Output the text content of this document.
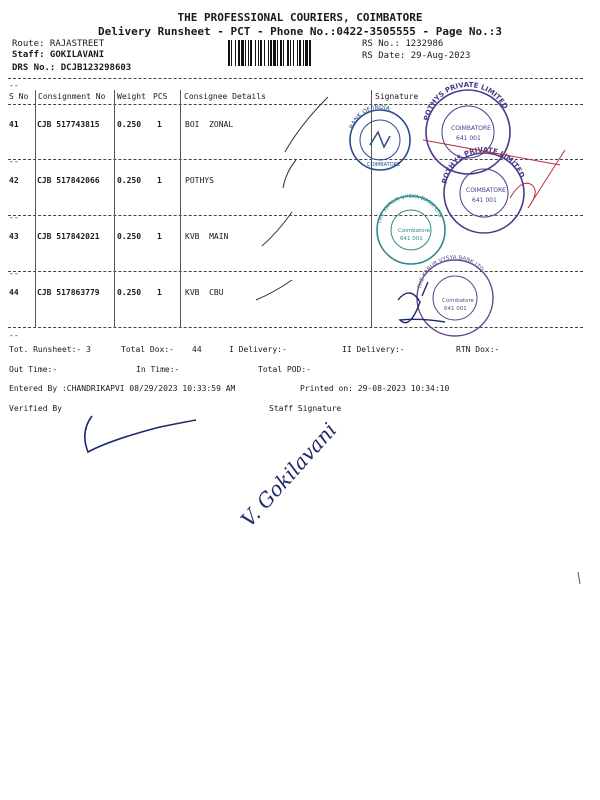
THE PROFESSIONAL COURIERS, COIMBATORE
Delivery Runsheet - PCT - Phone No.:0422-3505555 - Page No.:3
Route: RAJASTREET
Staff: GOKILAVANI
DRS No.: DCJB123298603
RS No.: 1232986
RS Date: 29-Aug-2023
--
--
--
--
--
S No Consignment No Weight PCS Consignee Details	Signature
41 CJB 517743815 0.250 1	BOI  ZONAL
42 CJB 517842066 0.250 1	POTHYS
43 CJB 517842021 0.250 1	KVB  MAIN
44 CJB 517863779 0.250 1	KVB  CBU
Tot. Runsheet:- 3	Total Dox:- 44	I Delivery:-	II Delivery:-	RTN Dox:-
Out Time:-	In Time:-	Total POD:-
Entered By :CHANDRIKAPVI 08/29/2023 10:33:59 AM	Printed on: 29-08-2023 10:34:10
Verified By	Staff Signature
BANK OF INDIA
COIMBATORE
POTHYS PRIVATE LIMITED
COIMBATORE
641 001
POTHYS PRIVATE LIMITED
COIMBATORE
641 001
THE KARUR VYSYA BANK LTD
Coimbatore
641 001
THE KARUR VYSYA BANK LTD
Coimbatore
641 001
V. Gokilavani
